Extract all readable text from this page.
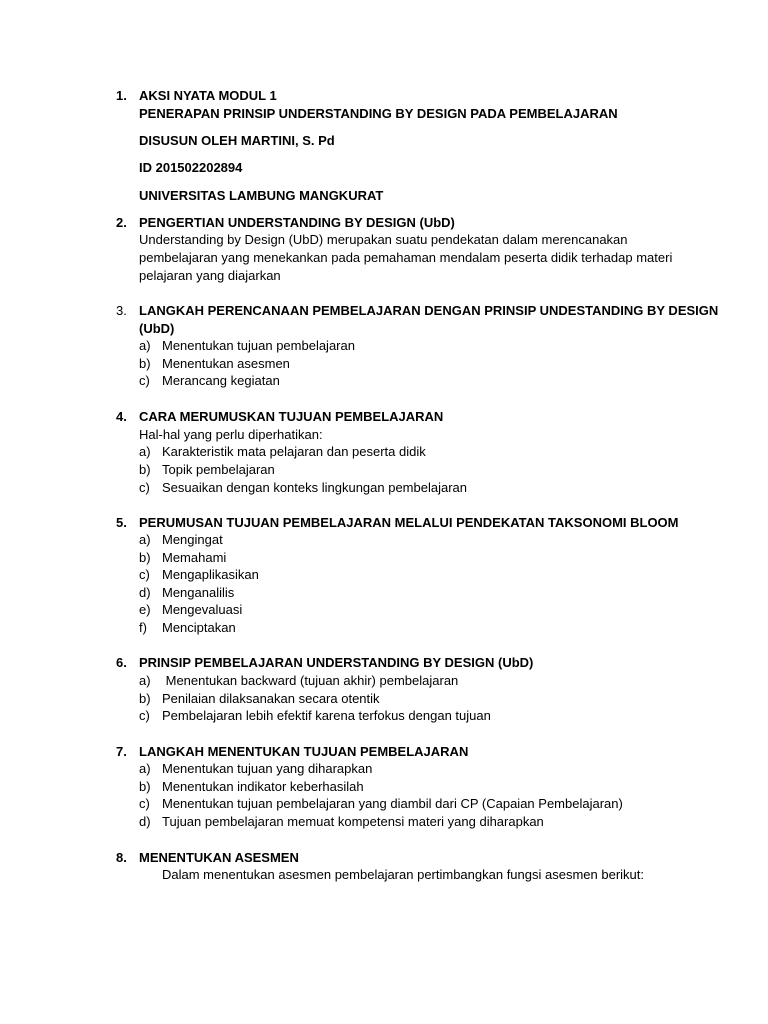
1. AKSI NYATA MODUL 1
PENERAPAN PRINSIP UNDERSTANDING BY DESIGN PADA PEMBELAJARAN
DISUSUN OLEH MARTINI, S. Pd
ID 201502202894
UNIVERSITAS LAMBUNG MANGKURAT
2. PENGERTIAN UNDERSTANDING BY DESIGN (UbD)
Understanding by Design (UbD) merupakan suatu pendekatan dalam merencanakan
pembelajaran yang menekankan pada pemahaman mendalam peserta didik terhadap materi
pelajaran yang diajarkan
3. LANGKAH PERENCANAAN PEMBELAJARAN DENGAN PRINSIP UNDESTANDING BY DESIGN
(UbD)
a) Menentukan tujuan pembelajaran
b) Menentukan asesmen
c) Merancang kegiatan
4. CARA MERUMUSKAN TUJUAN PEMBELAJARAN
Hal-hal yang perlu diperhatikan:
a) Karakteristik mata pelajaran dan peserta didik
b) Topik pembelajaran
c) Sesuaikan dengan konteks lingkungan pembelajaran
5. PERUMUSAN TUJUAN PEMBELAJARAN MELALUI PENDEKATAN TAKSONOMI BLOOM
a) Mengingat
b) Memahami
c) Mengaplikasikan
d) Menganalilis
e) Mengevaluasi
f) Menciptakan
6. PRINSIP PEMBELAJARAN UNDERSTANDING BY DESIGN (UbD)
a) Menentukan backward (tujuan akhir) pembelajaran
b) Penilaian dilaksanakan secara otentik
c) Pembelajaran lebih efektif karena terfokus dengan tujuan
7. LANGKAH MENENTUKAN TUJUAN PEMBELAJARAN
a) Menentukan tujuan yang diharapkan
b) Menentukan indikator keberhasilah
c) Menentukan tujuan pembelajaran yang diambil dari CP (Capaian Pembelajaran)
d) Tujuan pembelajaran memuat kompetensi materi yang diharapkan
8. MENENTUKAN ASESMEN
Dalam menentukan asesmen pembelajaran pertimbangkan fungsi asesmen berikut:
